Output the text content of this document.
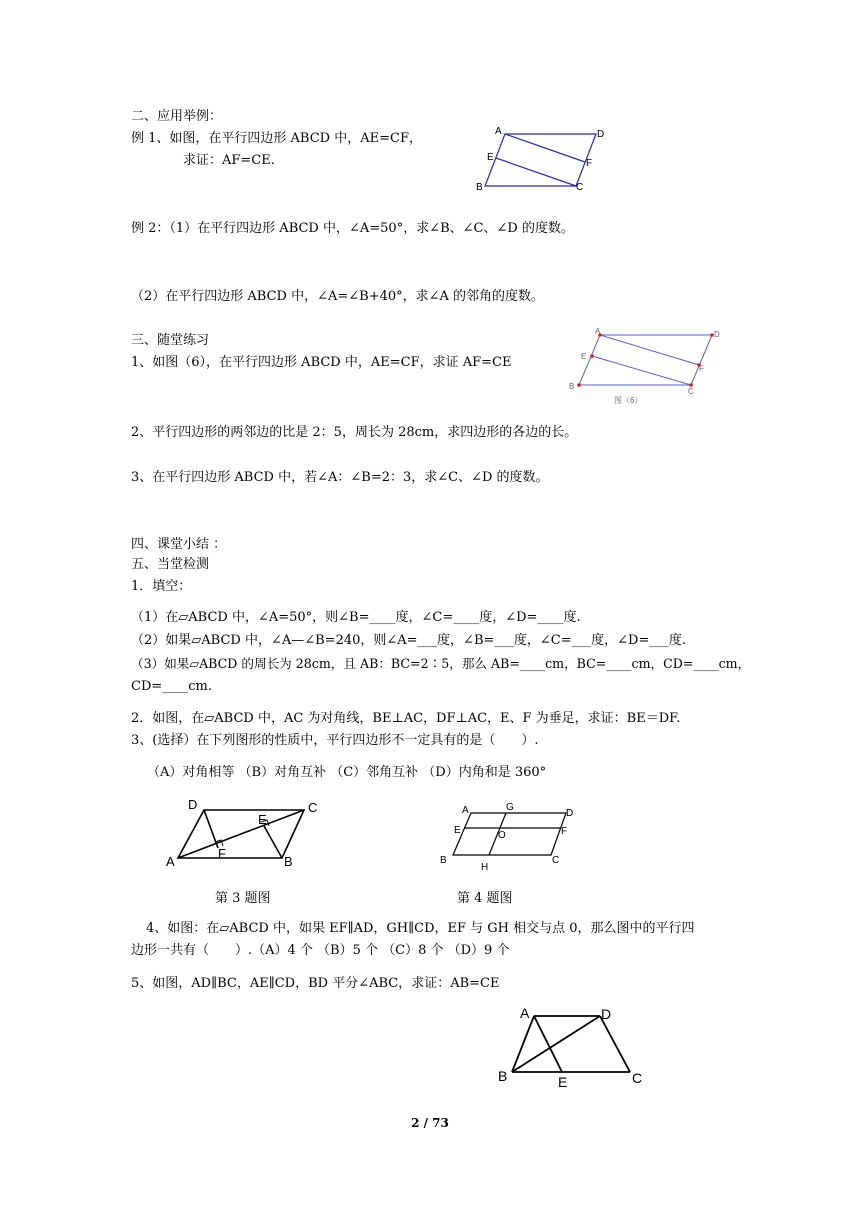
二、应用举例：
例 1、如图，在平行四边形 ABCD 中，AE=CF，
求证：AF=CE.
A	D
E
F
B	C
例 2：（1）在平行四边形 ABCD 中，∠A=50°，求∠B、∠C、∠D 的度数。
（2）在平行四边形 ABCD 中，∠A=∠B+40°，求∠A 的邻角的度数。
三、随堂练习
1、如图（6），在平行四边形 ABCD 中，AE=CF，求证 AF=CE
A	D
E
F
B
C
图（6）
2、平行四边形的两邻边的比是 2：5，周长为 28cm，求四边形的各边的长。
3、在平行四边形 ABCD 中，若∠A：∠B=2：3，求∠C、∠D 的度数。
四、课堂小结 ：
五、当堂检测
1．填空：
（1）在▱ABCD 中，∠A=50°，则∠B=____度，∠C=____度，∠D=____度.
（2）如果▱ABCD 中，∠A—∠B=240，则∠A=___度，∠B=___度，∠C=___度，∠D=___度.
（3）如果▱ABCD 的周长为 28cm，且 AB：BC=2∶5，那么 AB=____cm，BC=____cm，CD=____cm，
CD=____cm.
2．如图，在▱ABCD 中，AC 为对角线，BE⊥AC，DF⊥AC，E、F 为垂足，求证：BE＝DF.
3、(选择）在下列图形的性质中，平行四边形不一定具有的是（　　）.
（A）对角相等 （B）对角互补 （C）邻角互补 （D）内角和是 360°
D	C
E
F
A	B
第 3 题图
A	G
D
E	O	F
B
H
C
第 4 题图
4、如图：在▱ABCD 中，如果 EF∥AD，GH∥CD，EF 与 GH 相交与点 0，那么图中的平行四
边形一共有（　　）.（A）4 个 （B）5 个 （C）8 个 （D）9 个
5、如图，AD∥BC，AE∥CD，BD 平分∠ABC，求证：AB=CE
A	D
B	E	C
2 / 73
